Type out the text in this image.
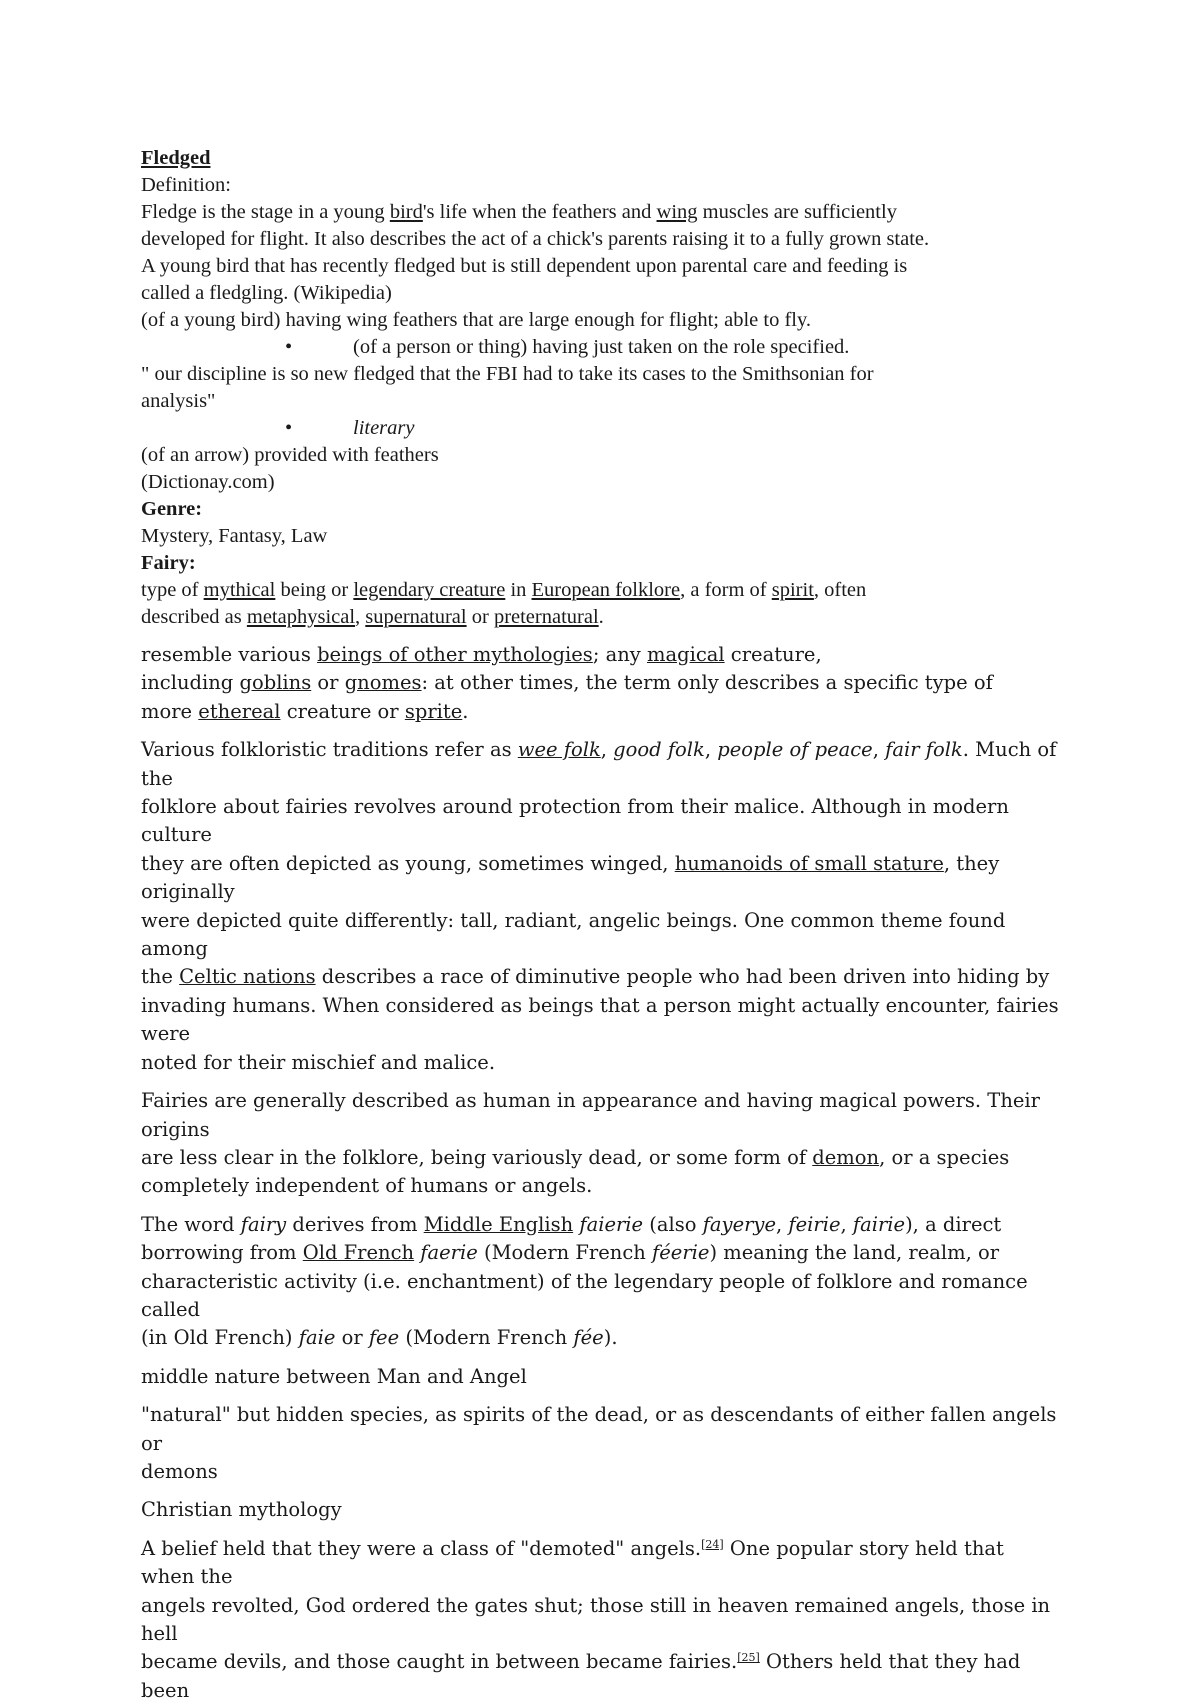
Fledged
Definition:
Fledge is the stage in a young bird's life when the feathers and wing muscles are sufficiently
developed for flight. It also describes the act of a chick's parents raising it to a fully grown state.
A young bird that has recently fledged but is still dependent upon parental care and feeding is
called a fledgling. (Wikipedia)
(of a young bird) having wing feathers that are large enough for flight; able to fly.
•	(of a person or thing) having just taken on the role specified.
" our discipline is so new fledged that the FBI had to take its cases to the Smithsonian for
analysis"
•	literary
(of an arrow) provided with feathers
(Dictionay.com)
Genre:
Mystery, Fantasy, Law
Fairy:
type of mythical being or legendary creature in European folklore, a form of spirit, often
described as metaphysical, supernatural or preternatural.
resemble various beings of other mythologies; any magical creature,
including goblins or gnomes: at other times, the term only describes a specific type of
more ethereal creature or sprite.
Various folkloristic traditions refer as wee folk, good folk, people of peace, fair folk. Much of the
folklore about fairies revolves around protection from their malice. Although in modern culture
they are often depicted as young, sometimes winged, humanoids of small stature, they originally
were depicted quite differently: tall, radiant, angelic beings. One common theme found among
the Celtic nations describes a race of diminutive people who had been driven into hiding by
invading humans. When considered as beings that a person might actually encounter, fairies were
noted for their mischief and malice.
Fairies are generally described as human in appearance and having magical powers. Their origins
are less clear in the folklore, being variously dead, or some form of demon, or a species
completely independent of humans or angels.
The word fairy derives from Middle English faierie (also fayerye, feirie, fairie), a direct
borrowing from Old French faerie (Modern French féerie) meaning the land, realm, or
characteristic activity (i.e. enchantment) of the legendary people of folklore and romance called
(in Old French) faie or fee (Modern French fée).
middle nature between Man and Angel
"natural" but hidden species, as spirits of the dead, or as descendants of either fallen angels or
demons
Christian mythology
A belief held that they were a class of "demoted" angels.[24] One popular story held that when the
angels revolted, God ordered the gates shut; those still in heaven remained angels, those in hell
became devils, and those caught in between became fairies.[25] Others held that they had been
